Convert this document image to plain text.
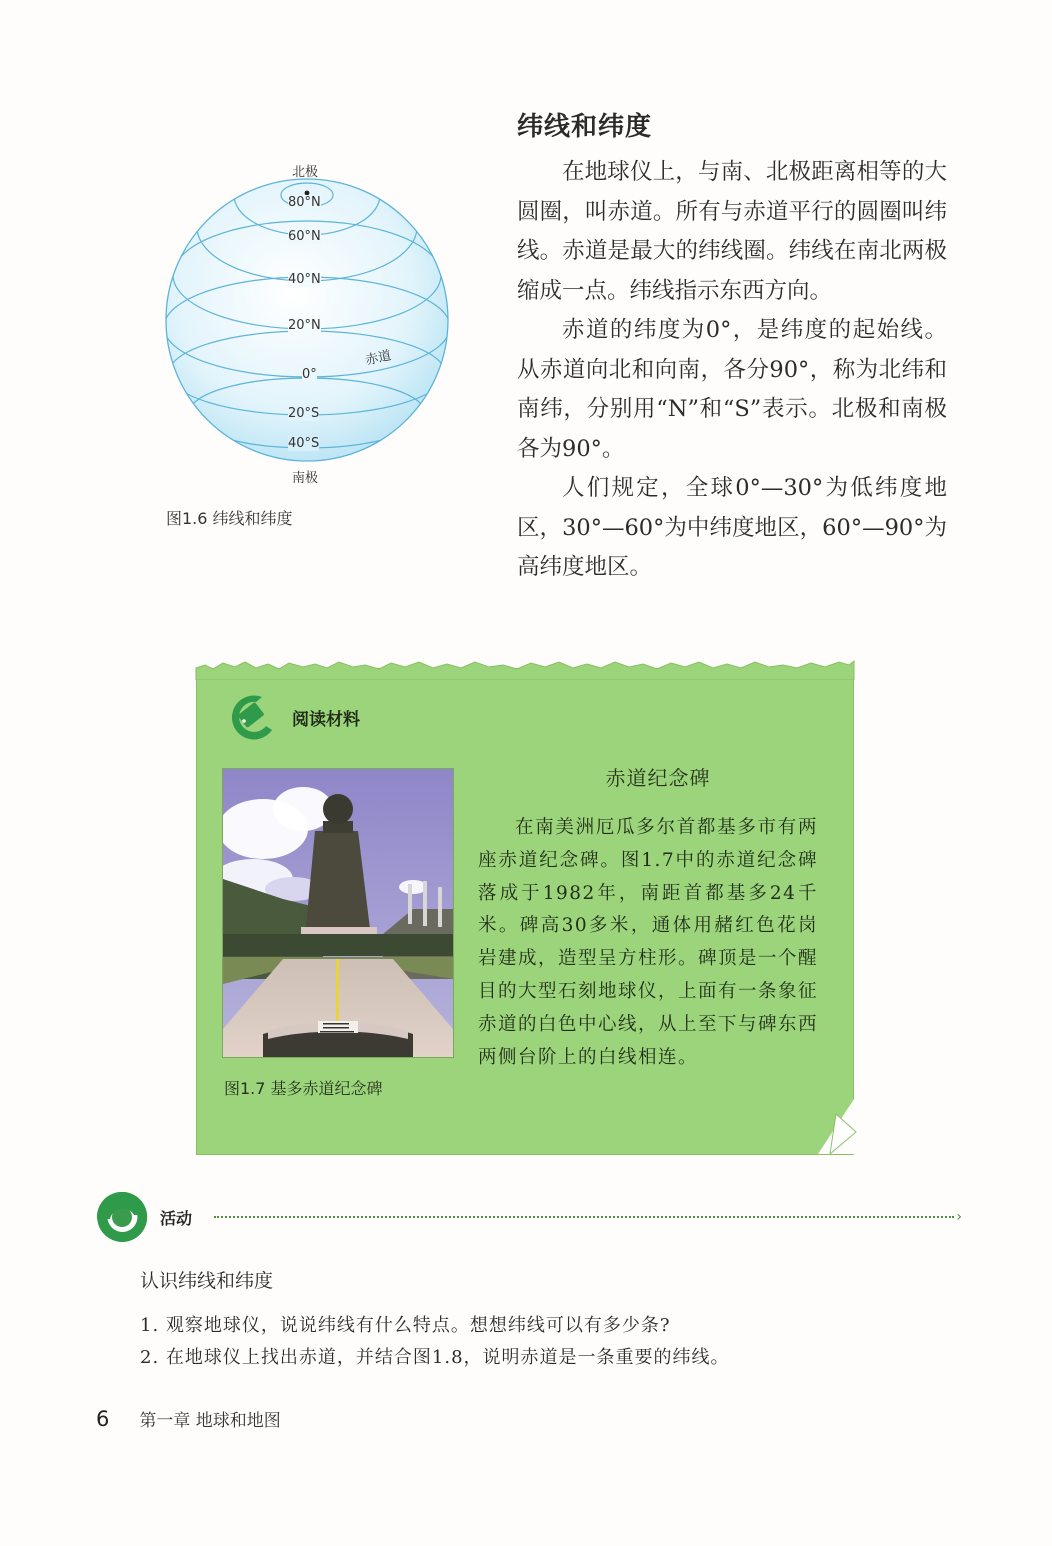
北极
80°N
60°N
40°N
20°N
赤道
0°
20°S
40°S
南极
图1.6 纬线和纬度
纬线和纬度

在地球仪上，与南、北极距离相等的大圆圈，叫赤道。所有与赤道平行的圆圈叫纬线。赤道是最大的纬线圈。纬线在南北两极缩成一点。纬线指示东西方向。

赤道的纬度为0°，是纬度的起始线。从赤道向北和向南，各分90°，称为北纬和南纬，分别用“N”和“S”表示。北极和南极各为90°。

人们规定，全球0°—30°为低纬度地区，30°—60°为中纬度地区，60°—90°为高纬度地区。

阅读材料
图1.7 基多赤道纪念碑
赤道纪念碑

在南美洲厄瓜多尔首都基多市有两座赤道纪念碑。图1.7中的赤道纪念碑落成于1982年，南距首都基多24千米。碑高30多米，通体用赭红色花岗岩建成，造型呈方柱形。碑顶是一个醒目的大型石刻地球仪，上面有一条象征赤道的白色中心线，从上至下与碑东西两侧台阶上的白线相连。

活动	›
认识纬线和纬度
1. 观察地球仪，说说纬线有什么特点。想想纬线可以有多少条?
2. 在地球仪上找出赤道，并结合图1.8，说明赤道是一条重要的纬线。
6 第一章 地球和地图
